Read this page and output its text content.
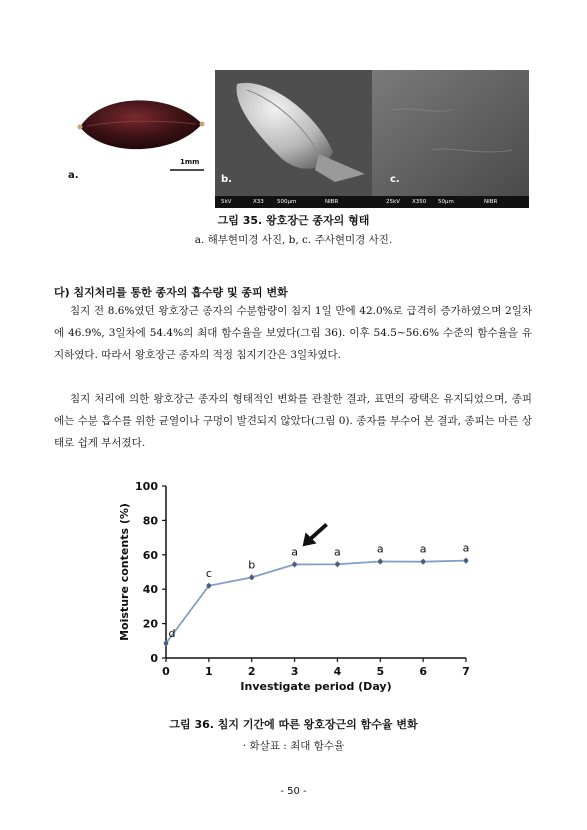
a.
1mm
b.
5kV	X33 500μm	NIBR
c.
25kV X350 50μm	NIBR
그림 35. 왕호장근 종자의 형태
a. 해부현미경 사진, b, c. 주사현미경 사진.
다) 침지처리를 통한 종자의 흡수량 및 종피 변화
침지 전 8.6%였던 왕호장근 종자의 수분함량이 침지 1일 만에 42.0%로 급격히 증가하였으며 2일차에 46.9%, 3일차에 54.4%의 최대 함수율을 보였다(그림 36). 이후 54.5~56.6% 수준의 함수율을 유지하였다. 따라서 왕호장근 종자의 적정 침지기간은 3일차였다.
침지 처리에 의한 왕호장근 종자의 형태적인 변화를 관찰한 결과, 표면의 광택은 유지되었으며, 종피에는 수분 흡수를 위한 균열이나 구멍이 발견되지 않았다(그림 0). 종자를 부수어 본 결과, 종피는 마른 상태로 쉽게 부서졌다.
0
20
40
60
80
100
0	1	2	3	4	5	6	7
Investigate period (Day)
Moisture contents (%)	d
c
b
a	a	a	a	a
그림 36. 침지 기간에 따른 왕호장근의 함수율 변화
· 화살표 : 최대 함수율
- 50 -
